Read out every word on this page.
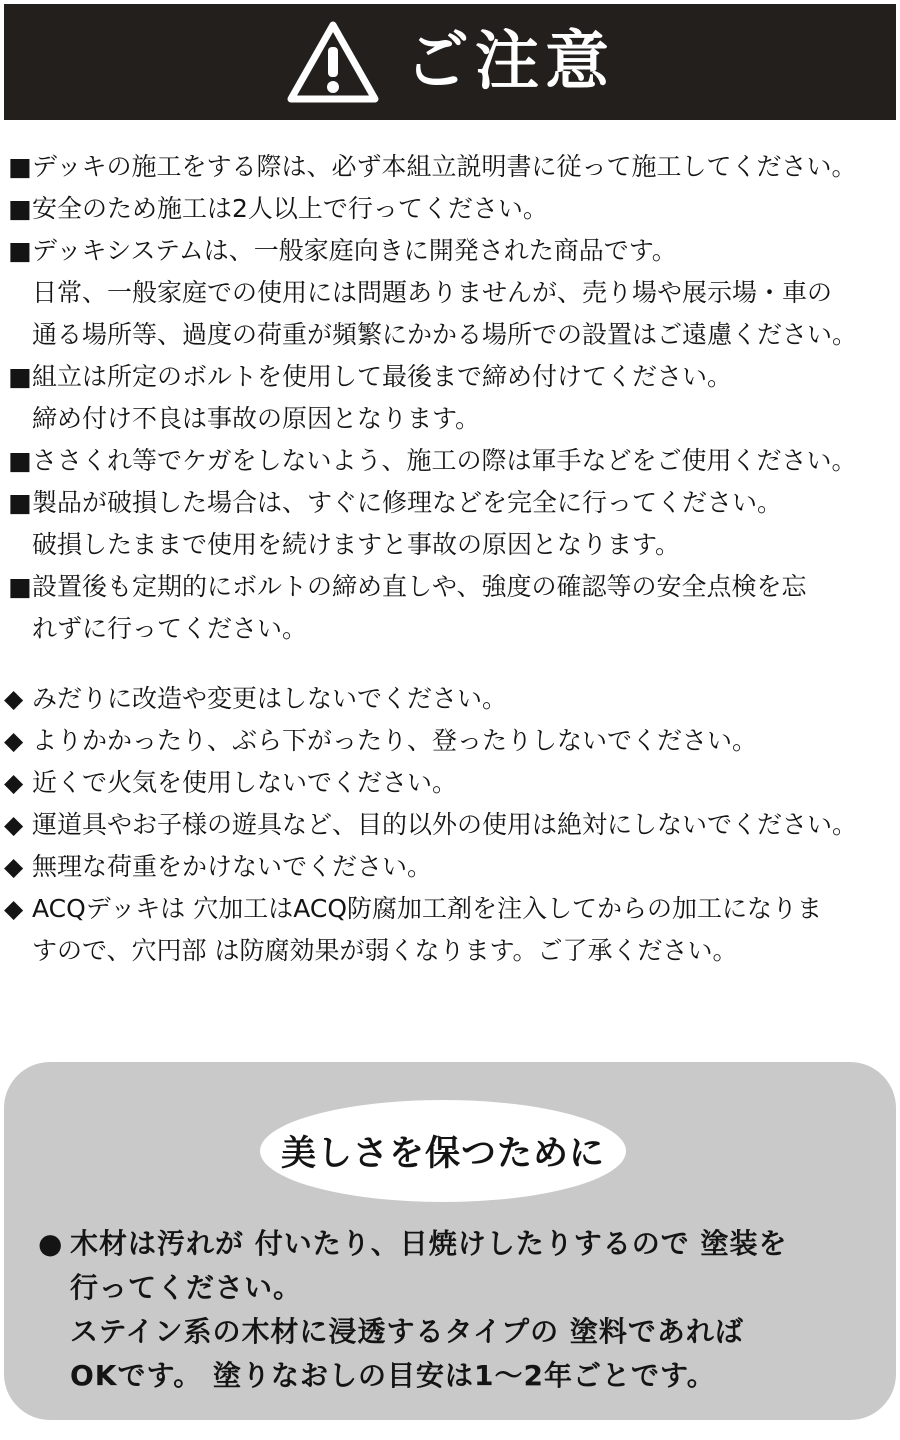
ご注意
■ デッキの施工をする際は、必ず本組立説明書に従って施工してください。
■ 安全のため施工は2人以上で行ってください。
■ デッキシステムは、一般家庭向きに開発された商品です。
日常、一般家庭での使用には問題ありませんが、売り場や展示場・車の
通る場所等、過度の荷重が頻繁にかかる場所での設置はご遠慮ください。
■ 組立は所定のボルトを使用して最後まで締め付けてください。
締め付け不良は事故の原因となります。
■ ささくれ等でケガをしないよう、施工の際は軍手などをご使用ください。
■ 製品が破損した場合は、すぐに修理などを完全に行ってください。
破損したままで使用を続けますと事故の原因となります。
■ 設置後も定期的にボルトの締め直しや、強度の確認等の安全点検を忘
れずに行ってください。
◆ みだりに改造や変更はしないでください。
◆ よりかかったり、ぶら下がったり、登ったりしないでください。
◆ 近くで火気を使用しないでください。
◆ 運道具やお子様の遊具など、目的以外の使用は絶対にしないでください。
◆ 無理な荷重をかけないでください。
◆ ACQデッキは 穴加工はACQ防腐加工剤を注入してからの加工になりま
すので、穴円部 は防腐効果が弱くなります。ご了承ください。
美しさを保つために
● 木材は汚れが 付いたり、日焼けしたりするので 塗装を
行ってください。
ステイン系の木材に浸透するタイプの 塗料であれば
OKです。 塗りなおしの目安は1～2年ごとです。
